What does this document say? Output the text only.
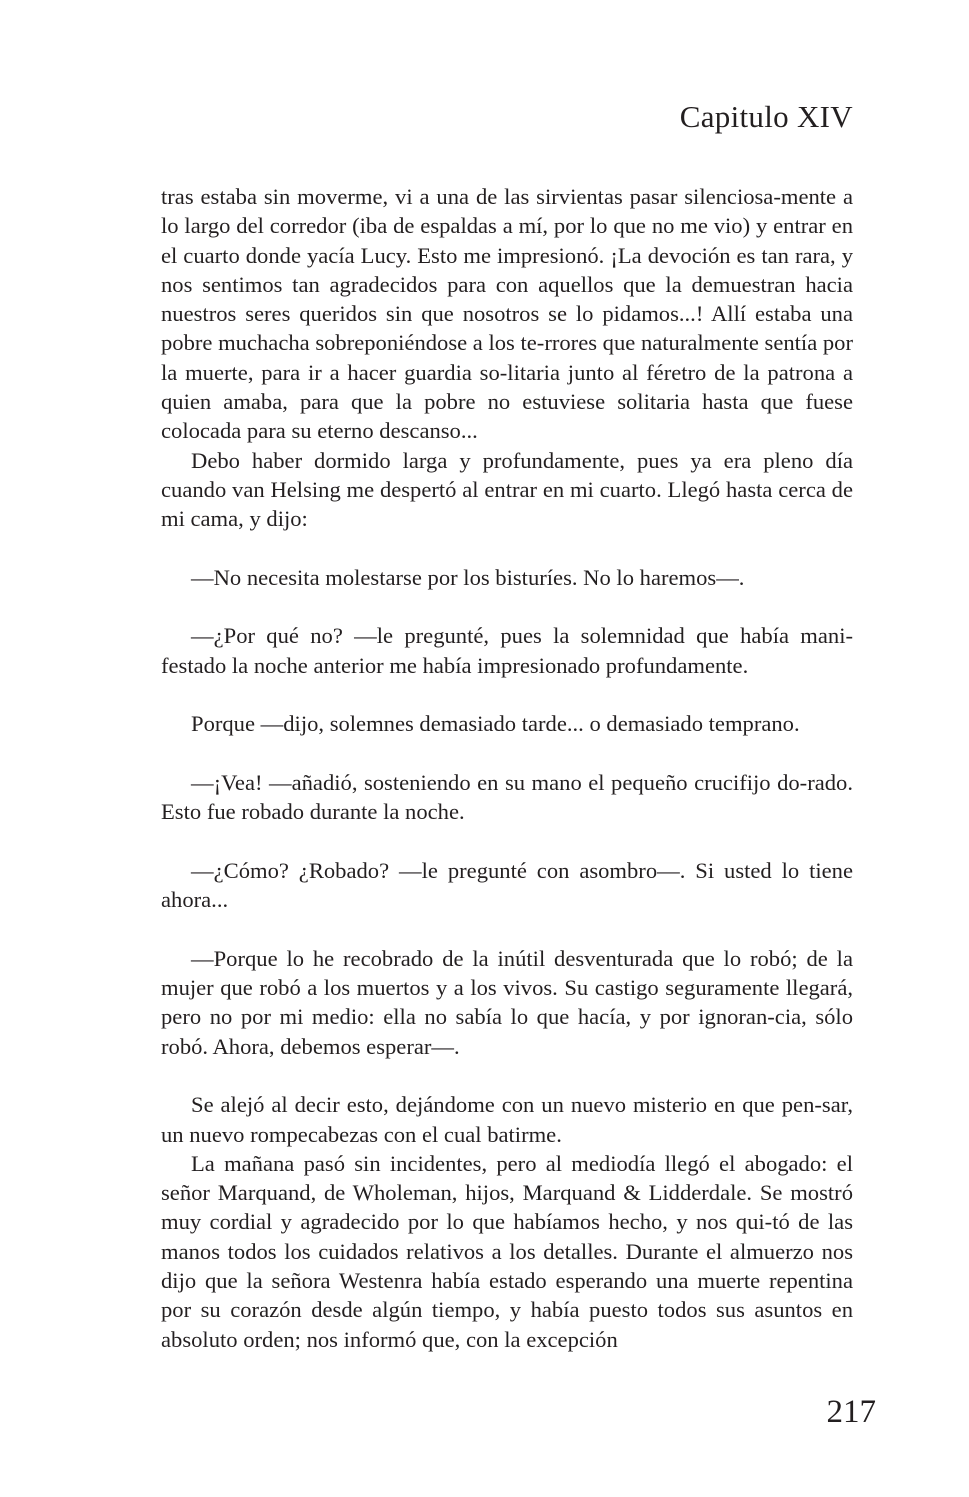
Capitulo XIV

tras estaba sin moverme, vi a una de las sirvientas pasar silenciosa-mente a lo largo del corredor (iba de espaldas a mí, por lo que no me vio) y entrar en el cuarto donde yacía Lucy. Esto me impresionó. ¡La devoción es tan rara, y nos sentimos tan agradecidos para con aquellos que la demuestran hacia nuestros seres queridos sin que nosotros se lo pidamos...! Allí estaba una pobre muchacha sobreponiéndose a los te-rrores que naturalmente sentía por la muerte, para ir a hacer guardia so-litaria junto al féretro de la patrona a quien amaba, para que la pobre no estuviese solitaria hasta que fuese colocada para su eterno descanso...

Debo haber dormido larga y profundamente, pues ya era pleno día cuando van Helsing me despertó al entrar en mi cuarto. Llegó hasta cerca de mi cama, y dijo:

—No necesita molestarse por los bisturíes. No lo haremos—.

—¿Por qué no? —le pregunté, pues la solemnidad que había mani-festado la noche anterior me había impresionado profundamente.

Porque —dijo, solemnes demasiado tarde... o demasiado temprano.

—¡Vea! —añadió, sosteniendo en su mano el pequeño crucifijo do-rado. Esto fue robado durante la noche.

—¿Cómo? ¿Robado? —le pregunté con asombro—. Si usted lo tiene ahora...

—Porque lo he recobrado de la inútil desventurada que lo robó; de la mujer que robó a los muertos y a los vivos. Su castigo seguramente llegará, pero no por mi medio: ella no sabía lo que hacía, y por ignoran-cia, sólo robó. Ahora, debemos esperar—.

Se alejó al decir esto, dejándome con un nuevo misterio en que pen-sar, un nuevo rompecabezas con el cual batirme.

La mañana pasó sin incidentes, pero al mediodía llegó el abogado: el señor Marquand, de Wholeman, hijos, Marquand & Lidderdale. Se mostró muy cordial y agradecido por lo que habíamos hecho, y nos qui-tó de las manos todos los cuidados relativos a los detalles. Durante el almuerzo nos dijo que la señora Westenra había estado esperando una muerte repentina por su corazón desde algún tiempo, y había puesto todos sus asuntos en absoluto orden; nos informó que, con la excepción

217
